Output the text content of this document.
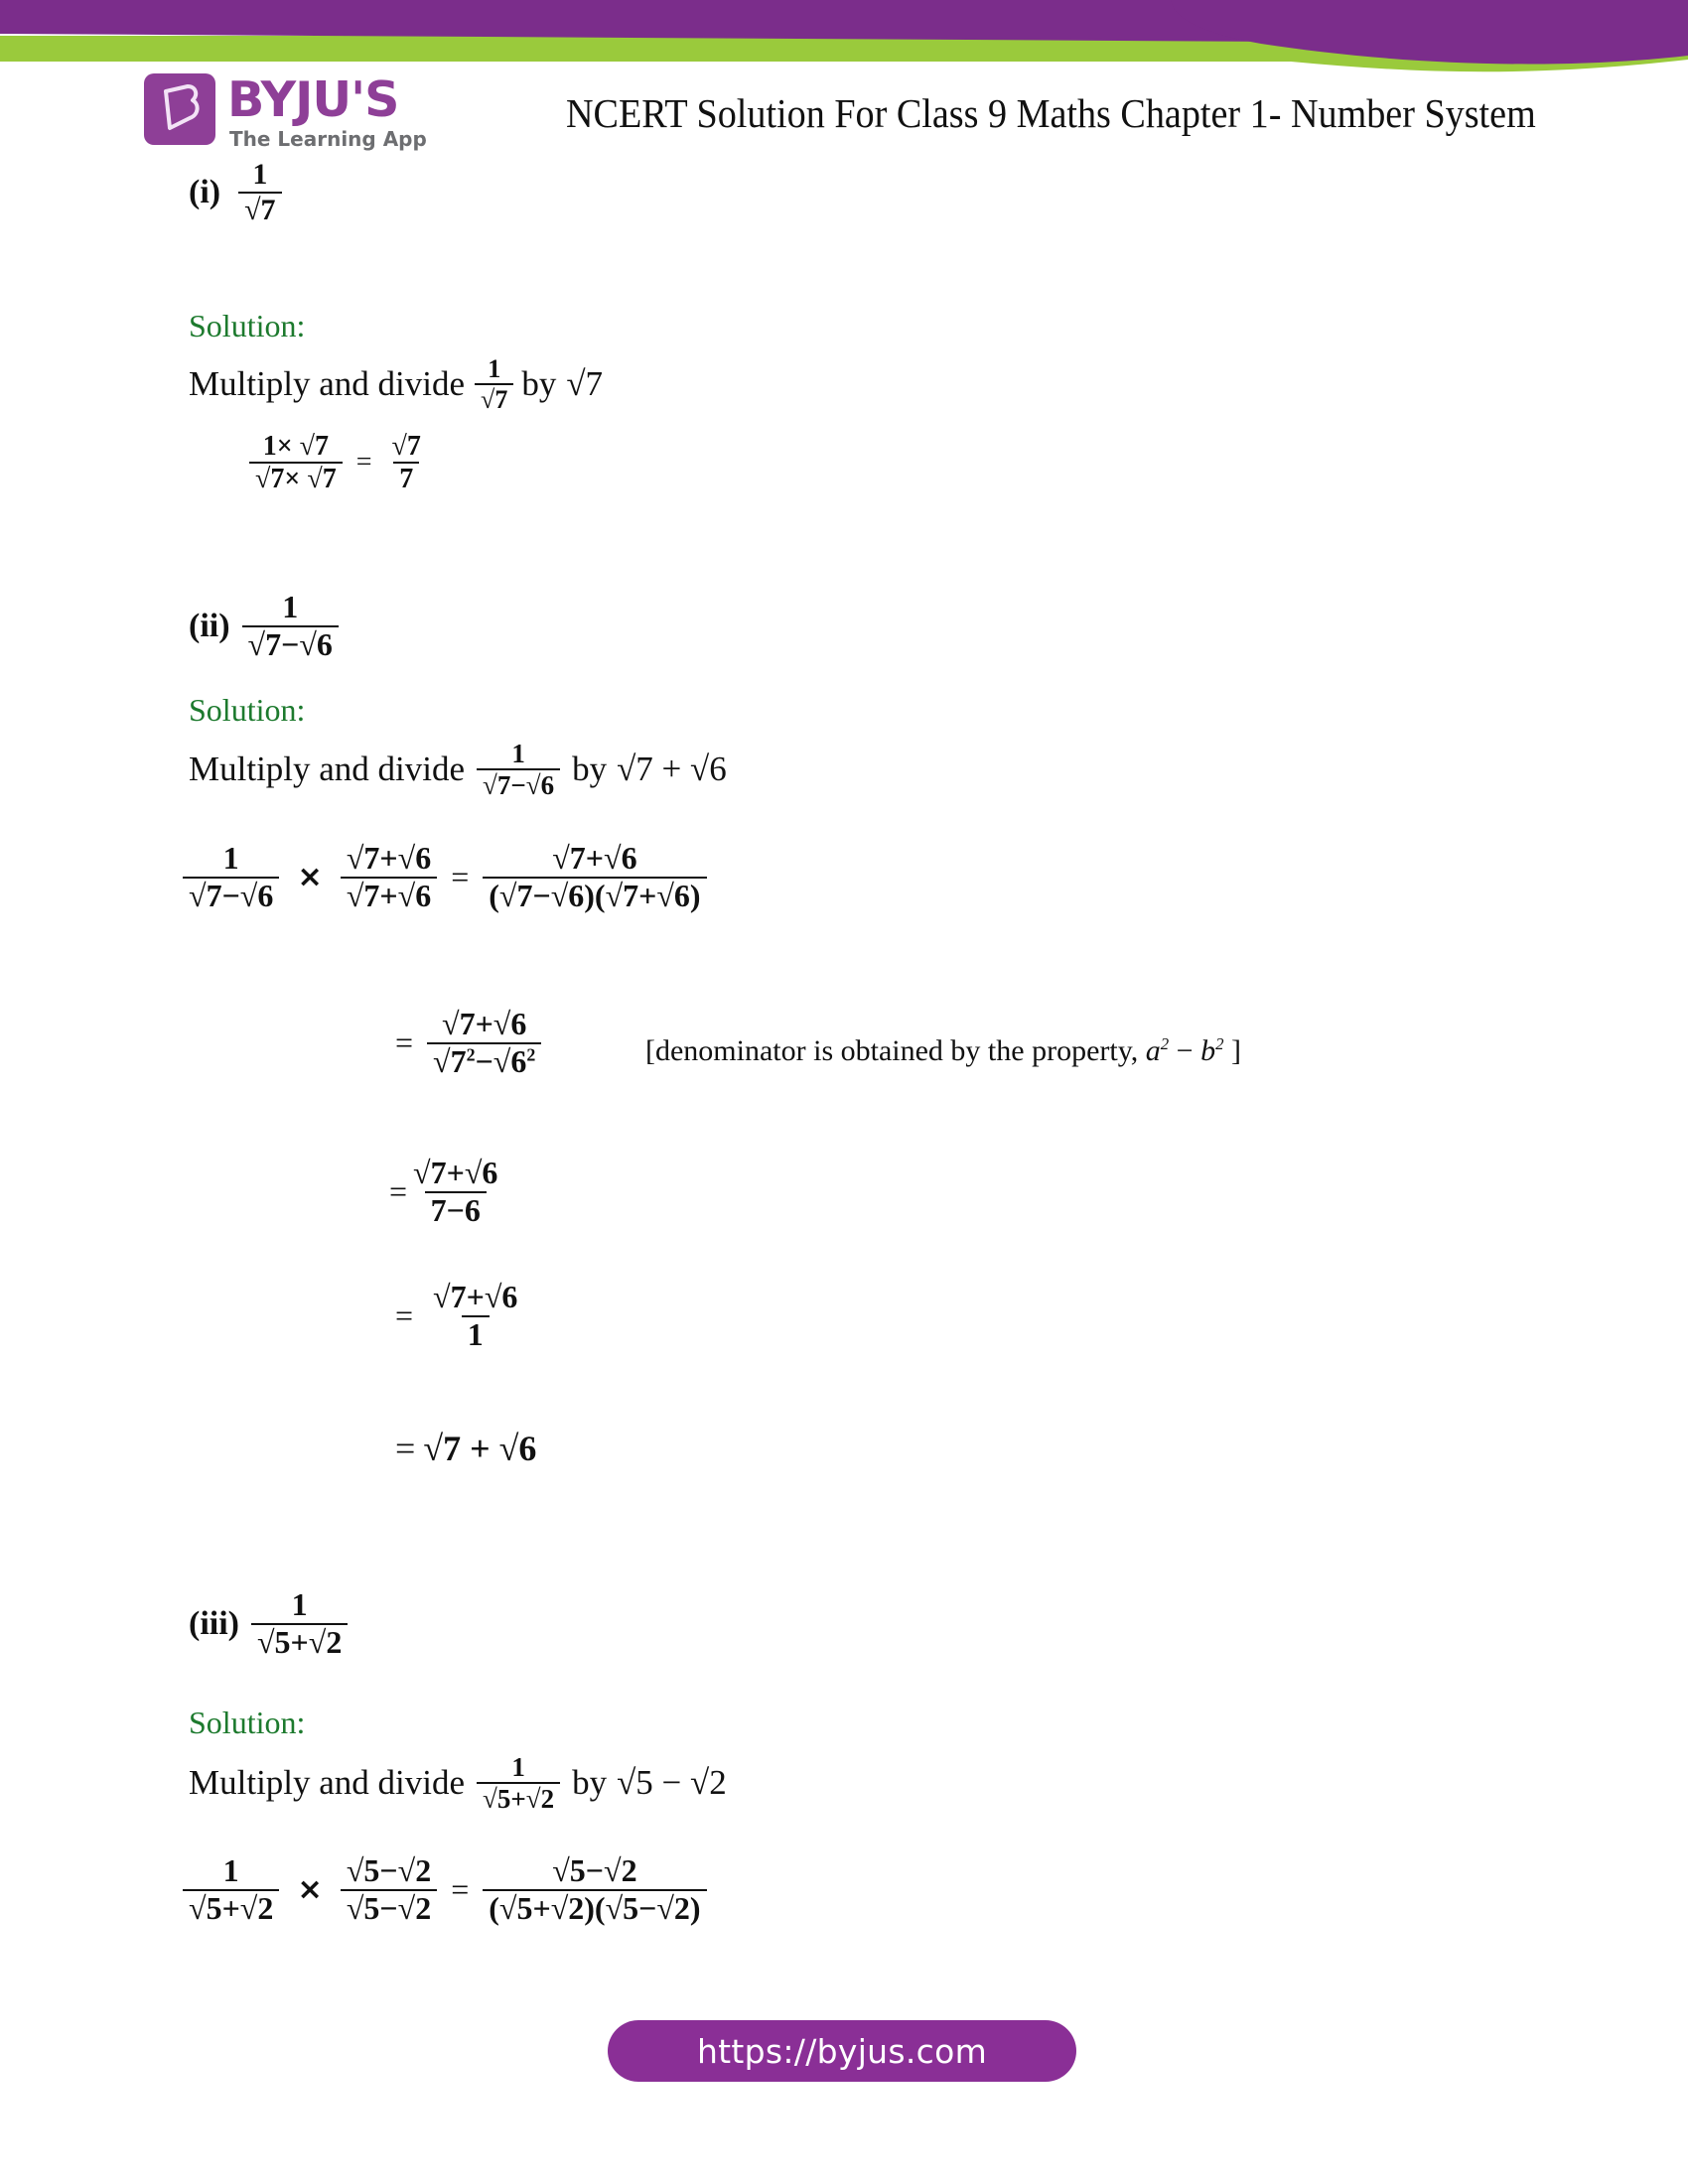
BYJU'S
The Learning App
NCERT Solution For Class 9 Maths Chapter 1- Number System
$(i) \frac{1}{√7}$
Solution:
Multiply and divide $\frac{1}{√7}$ by √7
$\frac{1\times √7}{√7\times √7} = \frac{√7}{7}$
$(ii) \frac{1}{√7-√6}$
Solution:
Multiply and divide $\frac{1}{√7-√6}$ by √7 + √6
$\frac{1}{√7-√6} \times \frac{√7+√6}{√7+√6} = \frac{√7+√6}{(√7-√6)(√7+√6)}$
= $\frac{√7+√6}{√7^2-√6^2}$	[denominator is obtained by the property, $a^2 - b^2$ ]
= $\frac{√7+√6}{7-6}$
= $\frac{√7+√6}{1}$
= √7 + √6
$(iii) \frac{1}{√5+√2}$
Solution:
Multiply and divide $\frac{1}{√5+√2}$ by √5 − √2
$\frac{1}{√5+√2} \times \frac{√5-√2}{√5-√2} = \frac{√5-√2}{(√5+√2)(√5-√2)}$
https://byjus.com
